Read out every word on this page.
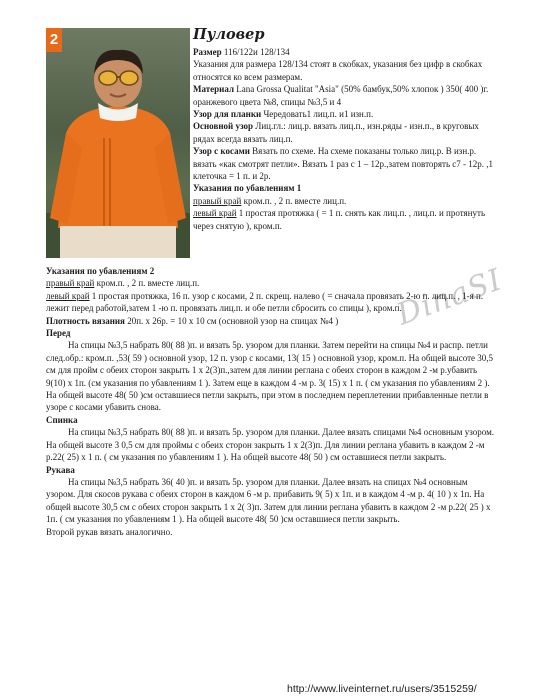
2	Пуловер

Размер 116/122и 128/134

Указания для размера 128/134 стоят в скобках, указания без цифр в скобках относятся ко всем размерам.

Материал Lana Grossa Qualitat "Asia" (50% бамбук,50% хлопок ) 350( 400 )г. оранжевого цвета №8, спицы №3,5 и 4

Узор для планки Чередовать1 лиц.п. и1 изн.п.

Основной узор Лиц.гл.: лиц.р. вязать лиц.п., изн.ряды - изн.п., в круговых рядах всегда вязать лиц.п.

Узор с косами Вязать по схеме. На схеме показаны только лиц.р. В изн.р. вязать «как смотрят петли». Вязать 1 раз с 1 – 12р.,затем повторять с7 - 12р. ,1 клеточка = 1 п. и 2р.

Указания по убавлениям 1

правый край кром.п. , 2 п. вместе лиц.п.

левый край 1 простая протяжка ( = 1 п. снять как лиц.п. , лиц.п. и протянуть через снятую ), кром.п.

DinaSI

Указания по убавлениям 2

правый край кром.п. , 2 п. вместе лиц.п.

левый край 1 простая протяжка, 16 п. узор с косами, 2 п. скрещ. налево ( = сначала провязать 2-ю п. лиц.п. , 1-я п. лежит перед работой,затем 1 -ю п. провязать лиц.п. и обе петли сбросить со спицы ), кром.п.

Плотность вязания 20п. x 26р. = 10 x 10 см (основной узор на спицах №4 )

Перед

На спицы №3,5 набрать 80( 88 )п. и вязать 5р. узором для планки. Затем перейти на спицы №4 и распр. петли след.обр.: кром.п. ,53( 59 ) основной узор, 12 п. узор с косами, 13( 15 ) основной узор, кром.п. На общей высоте 30,5 см для пройм с обеих сторон закрыть 1 x 2(3)п.,затем для линии реглана с обеих сторон в каждом 2 -м р.убавить 9(10) x 1п. (см указания по убавлениям 1 ). Затем еще в каждом 4 -м р. 3( 15) x 1 п. ( см указания по убавлениям 2 ). На общей высоте 48( 50 )см оставшиеся петли закрыть, при этом в последнем переплетении прибавленные петли в узоре с косами убавить снова.

Спинка

На спицы №3,5 набрать 80( 88 )п. и вязать 5р. узором для планки. Далее вязать спицами №4 основным узором. На общей высоте 3 0,5 см для проймы с обеих сторон закрыть 1 x 2(3)п. Для линии реглана убавить в каждом 2 -м р.22( 25) x 1 п. ( см указания по убавлениям 1 ). На общей высоте 48( 50 ) см оставшиеся петли закрыть.

Рукава

На спицы №3,5 набрать 36( 40 )п. и вязать 5р. узором для планки. Далее вязать на спицах №4 основным узором. Для скосов рукава с обеих сторон в каждом 6 -м р. прибавить 9( 5) x 1п. и в каждом 4 -м р. 4( 10 ) x 1п. На общей высоте 30,5 см с обеих сторон закрыть 1 x 2( 3)п. Затем для линии реглана убавить в каждом 2 -м р.22( 25 ) x 1п. ( см указания по убавлениям 1 ). На общей высоте 48( 50 )см оставшиеся петли закрыть.

Второй рукав вязать аналогично.

http://www.liveinternet.ru/users/3515259/
